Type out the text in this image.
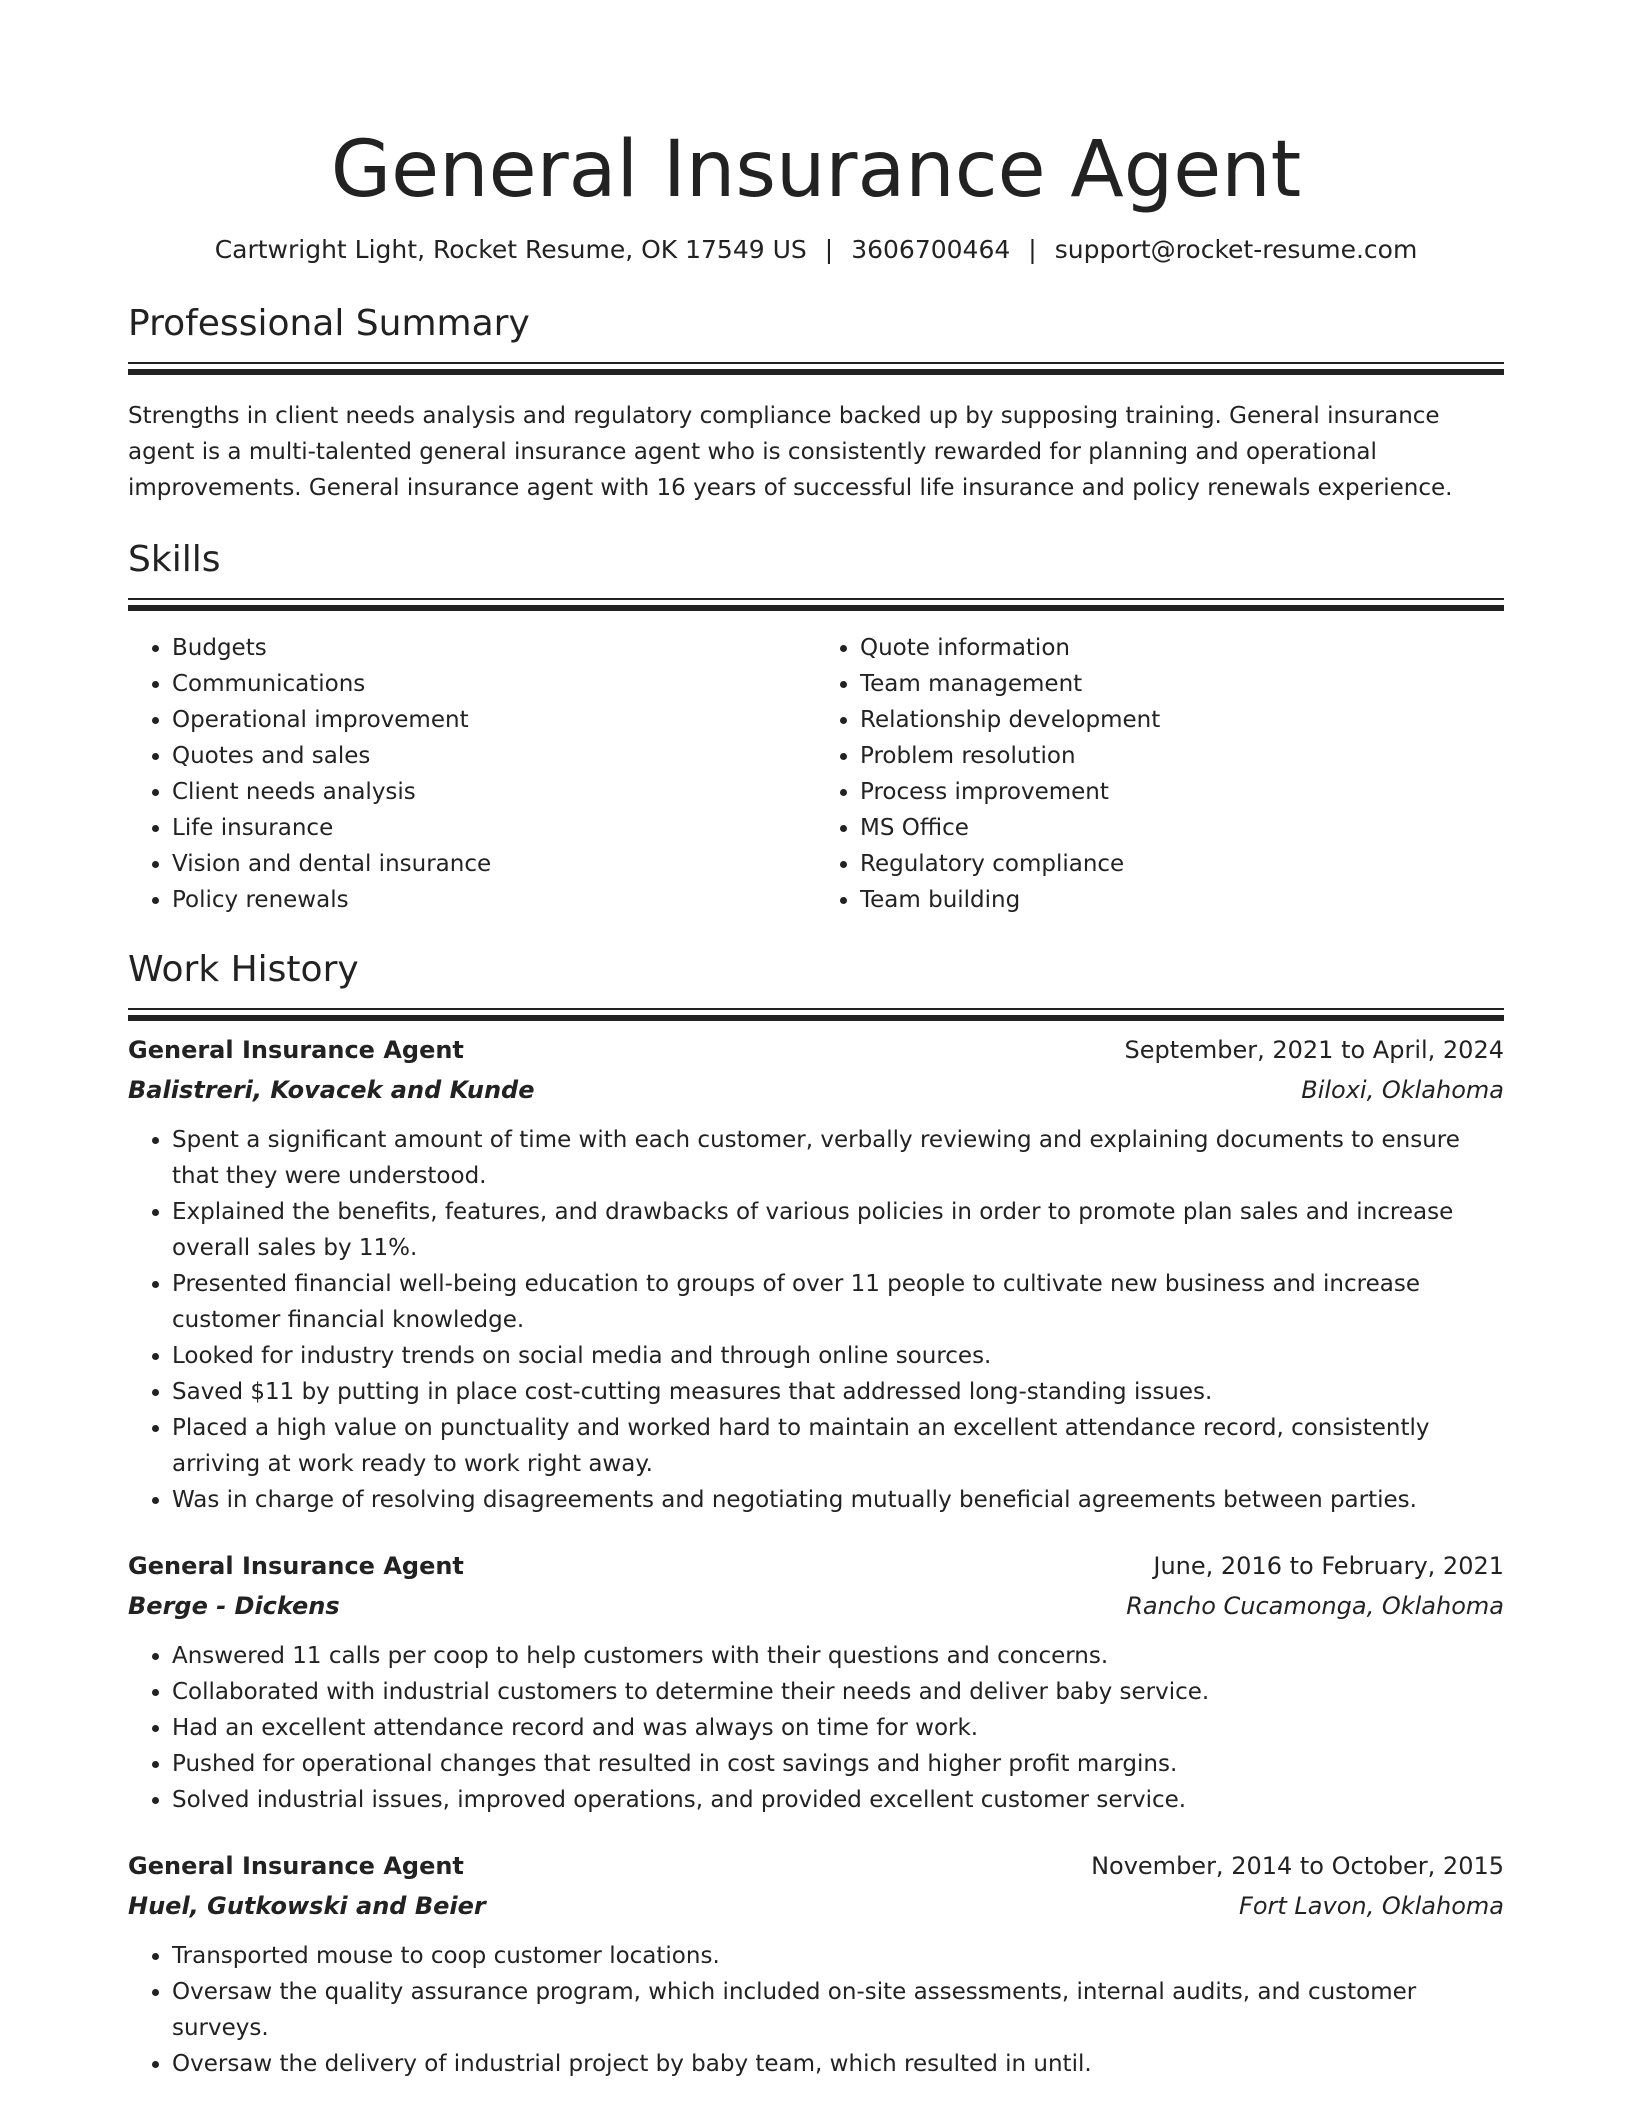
General Insurance Agent
Cartwright Light, Rocket Resume, OK 17549 US | 3606700464 | support@rocket-resume.com
Professional Summary
Strengths in client needs analysis and regulatory compliance backed up by supposing training. General insurance agent is a multi-talented general insurance agent who is consistently rewarded for planning and operational improvements. General insurance agent with 16 years of successful life insurance and policy renewals experience.
Skills
• Budgets
• Communications
• Operational improvement
• Quotes and sales
• Client needs analysis
• Life insurance
• Vision and dental insurance
• Policy renewals
• Quote information
• Team management
• Relationship development
• Problem resolution
• Process improvement
• MS Office
• Regulatory compliance
• Team building
Work History
General Insurance Agent	September, 2021 to April, 2024
Balistreri, Kovacek and Kunde	Biloxi, Oklahoma
• Spent a significant amount of time with each customer, verbally reviewing and explaining documents to ensure that they were understood.
• Explained the benefits, features, and drawbacks of various policies in order to promote plan sales and increase overall sales by 11%.
• Presented financial well-being education to groups of over 11 people to cultivate new business and increase customer financial knowledge.
• Looked for industry trends on social media and through online sources.
• Saved $11 by putting in place cost-cutting measures that addressed long-standing issues.
• Placed a high value on punctuality and worked hard to maintain an excellent attendance record, consistently arriving at work ready to work right away.
• Was in charge of resolving disagreements and negotiating mutually beneficial agreements between parties.
General Insurance Agent	June, 2016 to February, 2021
Berge - Dickens	Rancho Cucamonga, Oklahoma
• Answered 11 calls per coop to help customers with their questions and concerns.
• Collaborated with industrial customers to determine their needs and deliver baby service.
• Had an excellent attendance record and was always on time for work.
• Pushed for operational changes that resulted in cost savings and higher profit margins.
• Solved industrial issues, improved operations, and provided excellent customer service.
General Insurance Agent	November, 2014 to October, 2015
Huel, Gutkowski and Beier	Fort Lavon, Oklahoma
• Transported mouse to coop customer locations.
• Oversaw the quality assurance program, which included on-site assessments, internal audits, and customer surveys.
• Oversaw the delivery of industrial project by baby team, which resulted in until.
